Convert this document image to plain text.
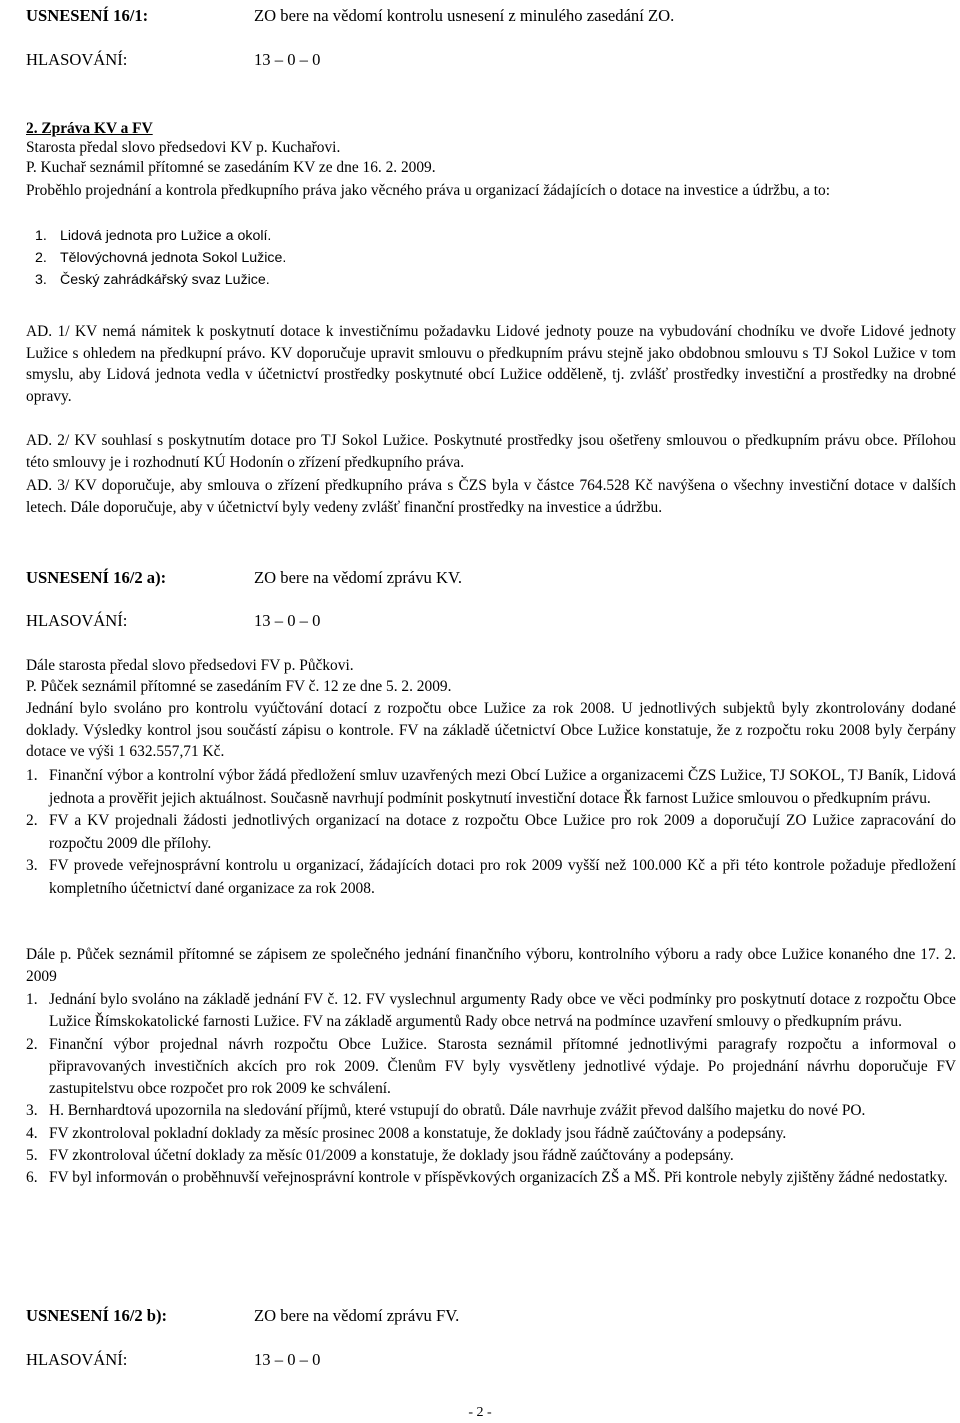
USNESENÍ 16/1:	ZO bere na vědomí kontrolu usnesení z minulého zasedání ZO.
HLASOVÁNÍ:	13 – 0 – 0
2. Zpráva KV a FV
Starosta předal slovo předsedovi KV p. Kuchařovi.
P. Kuchař seznámil přítomné se zasedáním KV ze dne 16. 2. 2009.
Proběhlo projednání a kontrola předkupního práva jako věcného práva u organizací žádajících o dotace na investice a údržbu, a to:
1. Lidová jednota pro Lužice a okolí.
2. Tělovýchovná jednota Sokol Lužice.
3. Český zahrádkářský svaz Lužice.
AD. 1/ KV nemá námitek k poskytnutí dotace k investičnímu požadavku Lidové jednoty pouze na vybudování chodníku ve dvoře Lidové jednoty Lužice s ohledem na předkupní právo. KV doporučuje upravit smlouvu o předkupním právu stejně jako obdobnou smlouvu s TJ Sokol Lužice v tom smyslu, aby Lidová jednota vedla v účetnictví prostředky poskytnuté obcí Lužice odděleně, tj. zvlášť prostředky investiční a prostředky na drobné opravy.
AD. 2/ KV souhlasí s poskytnutím dotace pro TJ Sokol Lužice. Poskytnuté prostředky jsou ošetřeny smlouvou o předkupním právu obce. Přílohou této smlouvy je i rozhodnutí KÚ Hodonín o zřízení předkupního práva.
AD. 3/ KV doporučuje, aby smlouva o zřízení předkupního práva s ČZS byla v částce 764.528 Kč navýšena o všechny investiční dotace v dalších letech. Dále doporučuje, aby v účetnictví byly vedeny zvlášť finanční prostředky na investice a údržbu.
USNESENÍ 16/2 a):	ZO bere na vědomí zprávu KV.
HLASOVÁNÍ:	13 – 0 – 0
Dále starosta předal slovo předsedovi FV p. Půčkovi.
P. Půček seznámil přítomné se zasedáním FV č. 12 ze dne 5. 2. 2009.
Jednání bylo svoláno pro kontrolu vyúčtování dotací z rozpočtu obce Lužice za rok 2008. U jednotlivých subjektů byly zkontrolovány dodané doklady. Výsledky kontrol jsou součástí zápisu o kontrole. FV na základě účetnictví Obce Lužice konstatuje, že z rozpočtu roku 2008 byly čerpány dotace ve výši 1 632.557,71 Kč.
1. Finanční výbor a kontrolní výbor žádá předložení smluv uzavřených mezi Obcí Lužice a organizacemi ČZS Lužice, TJ SOKOL, TJ Baník, Lidová jednota a prověřit jejich aktuálnost. Současně navrhují podmínit poskytnutí investiční dotace Řk farnost Lužice smlouvou o předkupním právu.
2. FV a KV projednali žádosti jednotlivých organizací na dotace z rozpočtu Obce Lužice pro rok 2009 a doporučují ZO Lužice zapracování do rozpočtu 2009 dle přílohy.
3. FV provede veřejnosprávní kontrolu u organizací, žádajících dotaci pro rok 2009 vyšší než 100.000 Kč a při této kontrole požaduje předložení kompletního účetnictví dané organizace za rok 2008.
Dále p. Půček seznámil přítomné se zápisem ze společného jednání finančního výboru, kontrolního výboru a rady obce Lužice konaného dne 17. 2. 2009
1. Jednání bylo svoláno na základě jednání FV č. 12. FV vyslechnul argumenty Rady obce ve věci podmínky pro poskytnutí dotace z rozpočtu Obce Lužice Římskokatolické farnosti Lužice. FV na základě argumentů Rady obce netrvá na podmínce uzavření smlouvy o předkupním právu.
2. Finanční výbor projednal návrh rozpočtu Obce Lužice. Starosta seznámil přítomné jednotlivými paragrafy rozpočtu a informoval o připravovaných investičních akcích pro rok 2009. Členům FV byly vysvětleny jednotlivé výdaje. Po projednání návrhu doporučuje FV zastupitelstvu obce rozpočet pro rok 2009 ke schválení.
3. H. Bernhardtová upozornila na sledování příjmů, které vstupují do obratů. Dále navrhuje zvážit převod dalšího majetku do nové PO.
4. FV zkontroloval pokladní doklady za měsíc prosinec 2008 a konstatuje, že doklady jsou řádně zaúčtovány a podepsány.
5. FV zkontroloval účetní doklady za měsíc 01/2009 a konstatuje, že doklady jsou řádně zaúčtovány a podepsány.
6. FV byl informován o proběhnuvší veřejnosprávní kontrole v příspěvkových organizacích ZŠ a MŠ. Při kontrole nebyly zjištěny žádné nedostatky.
USNESENÍ 16/2 b):	ZO bere na vědomí zprávu FV.
HLASOVÁNÍ:	13 – 0 – 0
- 2 -
